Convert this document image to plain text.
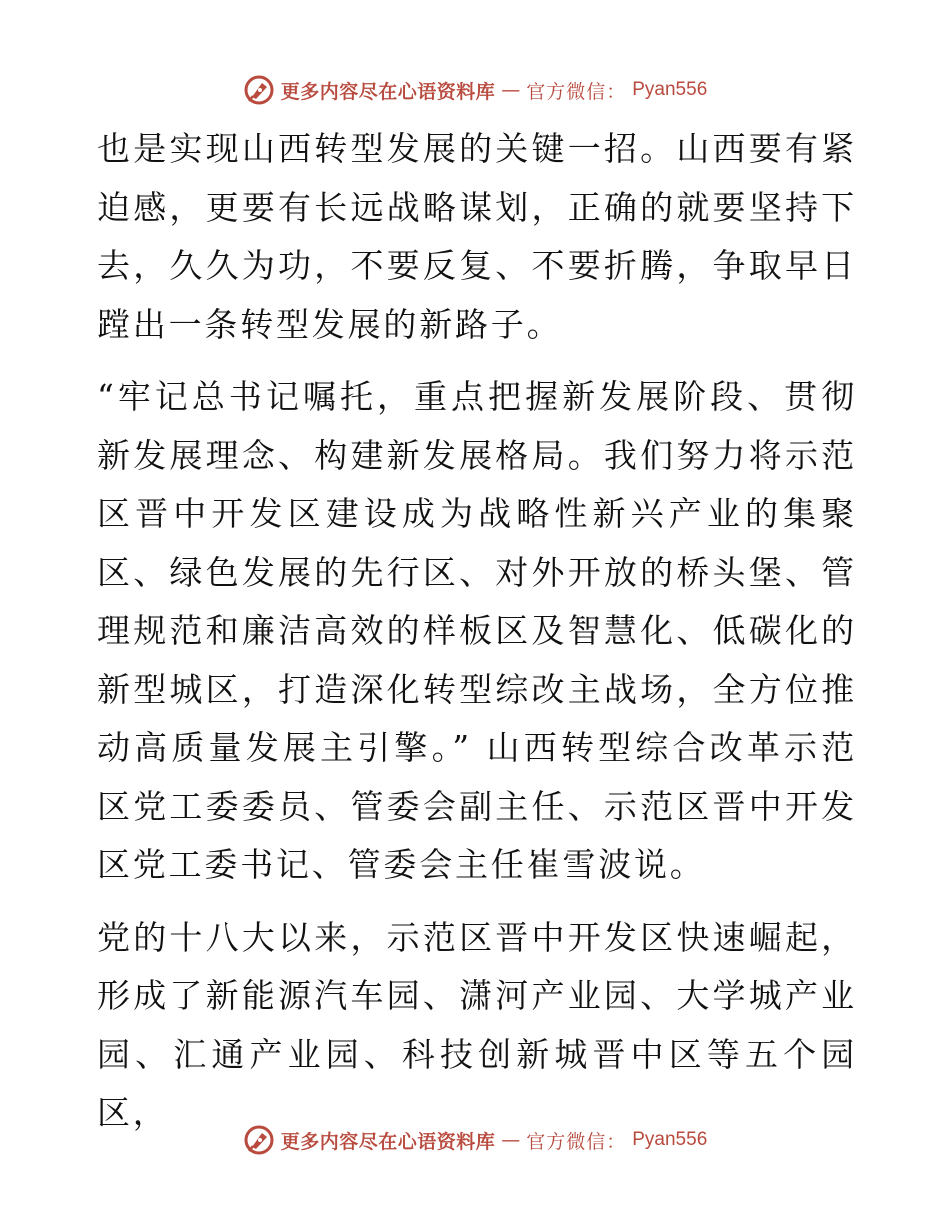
更多内容尽在心语资料库 — 官方微信： Pyan556

也是实现山西转型发展的关键一招。山西要有紧迫感，更要有长远战略谋划，正确的就要坚持下去，久久为功，不要反复、不要折腾，争取早日蹚出一条转型发展的新路子。

“牢记总书记嘱托，重点把握新发展阶段、贯彻新发展理念、构建新发展格局。我们努力将示范区晋中开发区建设成为战略性新兴产业的集聚区、绿色发展的先行区、对外开放的桥头堡、管理规范和廉洁高效的样板区及智慧化、低碳化的新型城区，打造深化转型综改主战场，全方位推动高质量发展主引擎。” 山西转型综合改革示范区党工委委员、管委会副主任、示范区晋中开发区党工委书记、管委会主任崔雪波说。

党的十八大以来，示范区晋中开发区快速崛起，形成了新能源汽车园、潇河产业园、大学城产业园、汇通产业园、科技创新城晋中区等五个园区，

更多内容尽在心语资料库 — 官方微信： Pyan556
